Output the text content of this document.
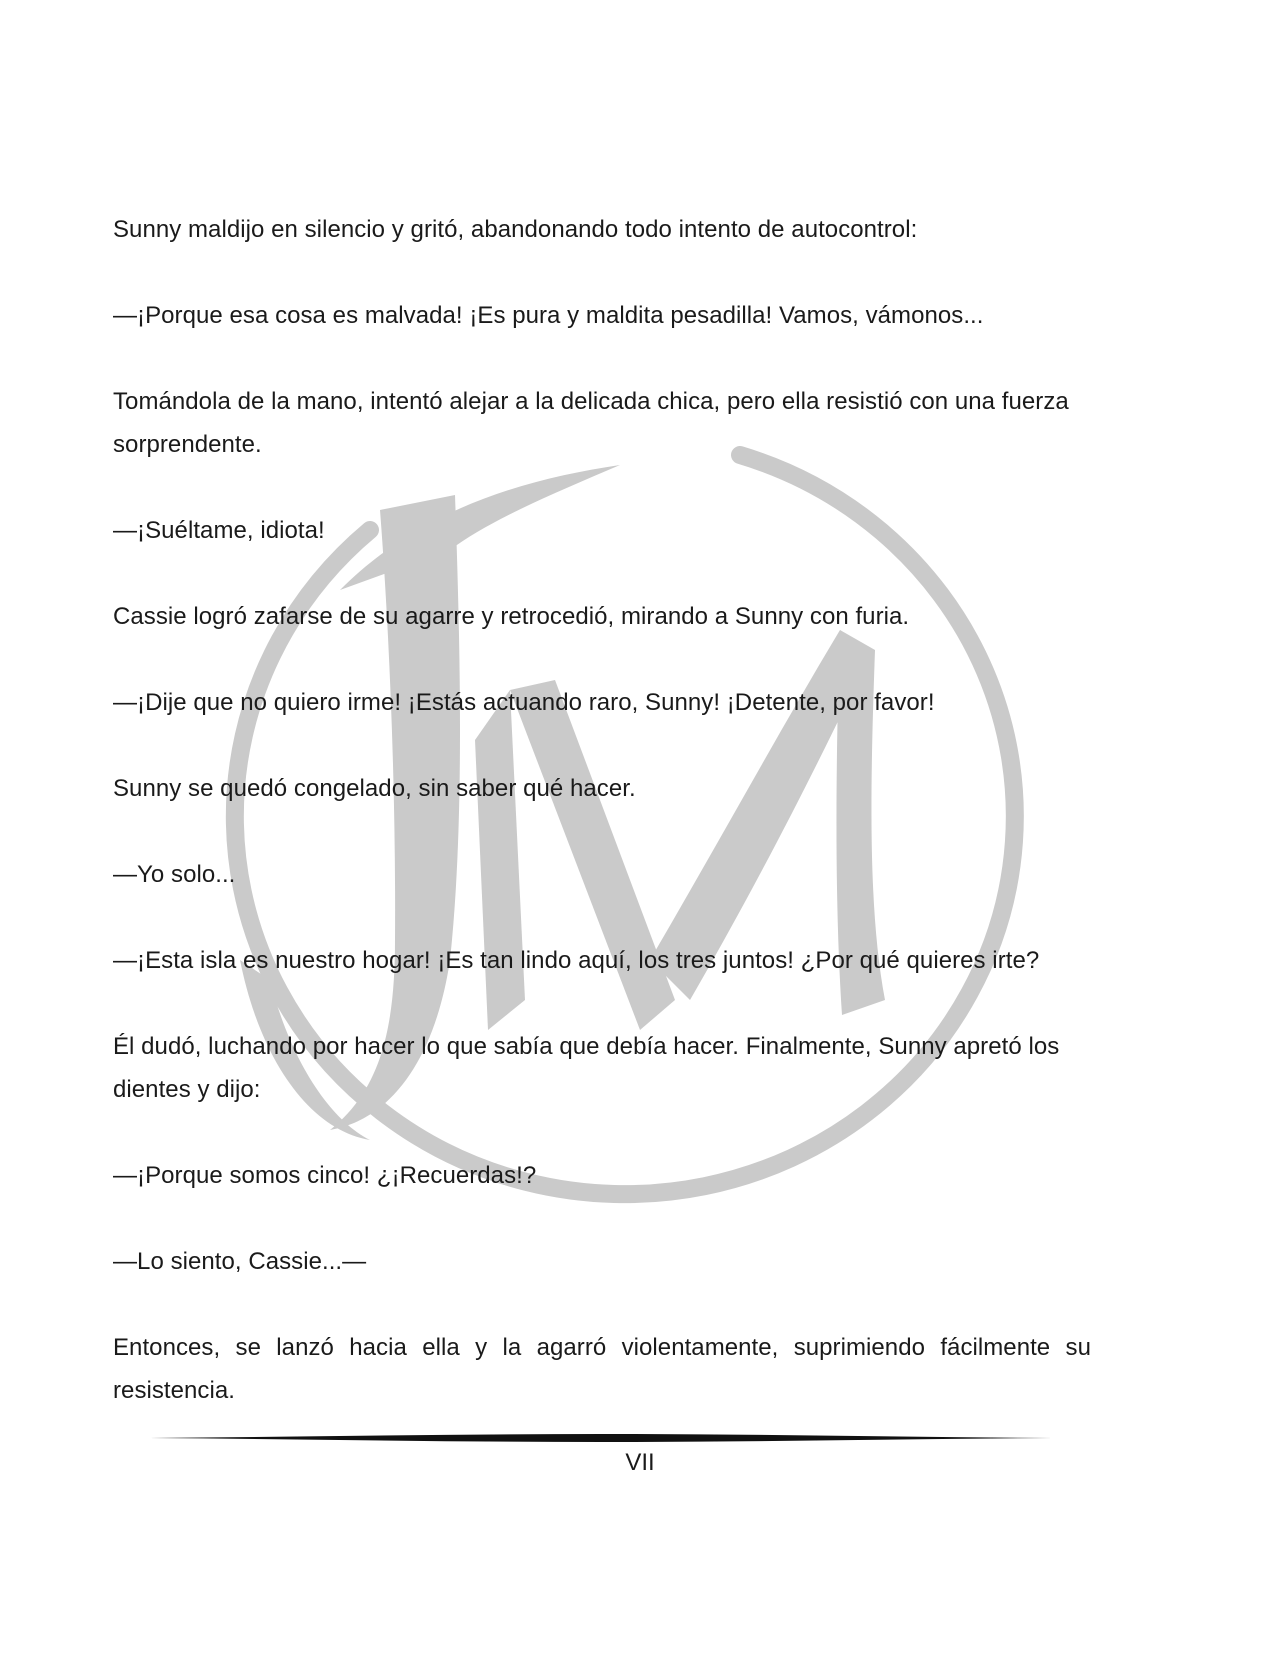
Sunny maldijo en silencio y gritó, abandonando todo intento de autocontrol:

—¡Porque esa cosa es malvada! ¡Es pura y maldita pesadilla! Vamos, vámonos...

Tomándola de la mano, intentó alejar a la delicada chica, pero ella resistió con una fuerza sorprendente.

—¡Suéltame, idiota!

Cassie logró zafarse de su agarre y retrocedió, mirando a Sunny con furia.

—¡Dije que no quiero irme! ¡Estás actuando raro, Sunny! ¡Detente, por favor!

Sunny se quedó congelado, sin saber qué hacer.

—Yo solo...

—¡Esta isla es nuestro hogar! ¡Es tan lindo aquí, los tres juntos! ¿Por qué quieres irte?

Él dudó, luchando por hacer lo que sabía que debía hacer. Finalmente, Sunny apretó los dientes y dijo:

—¡Porque somos cinco! ¿¡Recuerdas!?

—Lo siento, Cassie...—

Entonces, se lanzó hacia ella y la agarró violentamente, suprimiendo fácilmente su resistencia.

VII
